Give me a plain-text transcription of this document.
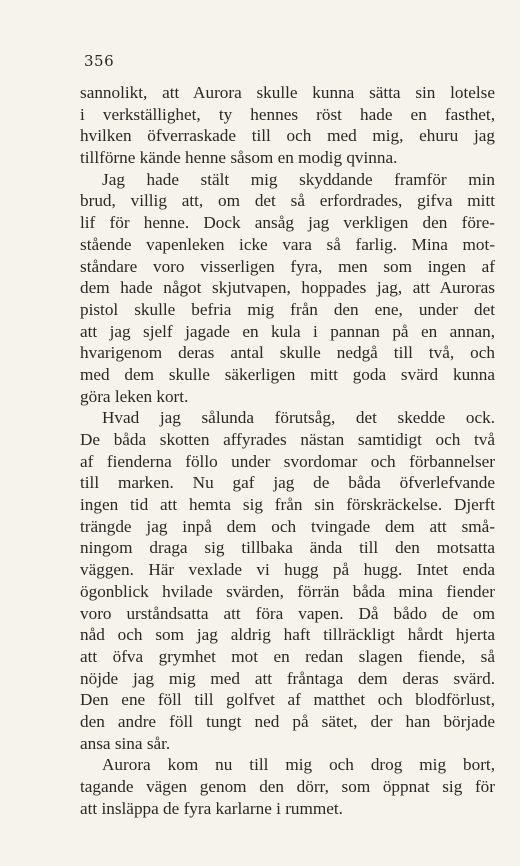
356
sannolikt, att Aurora skulle kunna sätta sin lotelse
i verkställighet, ty hennes röst hade en fasthet,
hvilken öfverraskade till och med mig, ehuru jag
tillförne kände henne såsom en modig qvinna.
Jag hade stält mig skyddande framför min
brud, villig att, om det så erfordrades, gifva mitt
lif för henne. Dock ansåg jag verkligen den före-
stående vapenleken icke vara så farlig. Mina mot-
ståndare voro visserligen fyra, men som ingen af
dem hade något skjutvapen, hoppades jag, att Auroras
pistol skulle befria mig från den ene, under det
att jag sjelf jagade en kula i pannan på en annan,
hvarigenom deras antal skulle nedgå till två, och
med dem skulle säkerligen mitt goda svärd kunna
göra leken kort.
Hvad jag sålunda förutsåg, det skedde ock.
De båda skotten affyrades nästan samtidigt och två
af fienderna föllo under svordomar och förbannelser
till marken. Nu gaf jag de båda öfverlefvande
ingen tid att hemta sig från sin förskräckelse. Djerft
trängde jag inpå dem och tvingade dem att små-
ningom draga sig tillbaka ända till den motsatta
väggen. Här vexlade vi hugg på hugg. Intet enda
ögonblick hvilade svärden, förrän båda mina fiender
voro urståndsatta att föra vapen. Då bådo de om
nåd och som jag aldrig haft tillräckligt hårdt hjerta
att öfva grymhet mot en redan slagen fiende, så
nöjde jag mig med att fråntaga dem deras svärd.
Den ene föll till golfvet af matthet och blodförlust,
den andre föll tungt ned på sätet, der han började
ansa sina sår.
Aurora kom nu till mig och drog mig bort,
tagande vägen genom den dörr, som öppnat sig för
att insläppa de fyra karlarne i rummet.
